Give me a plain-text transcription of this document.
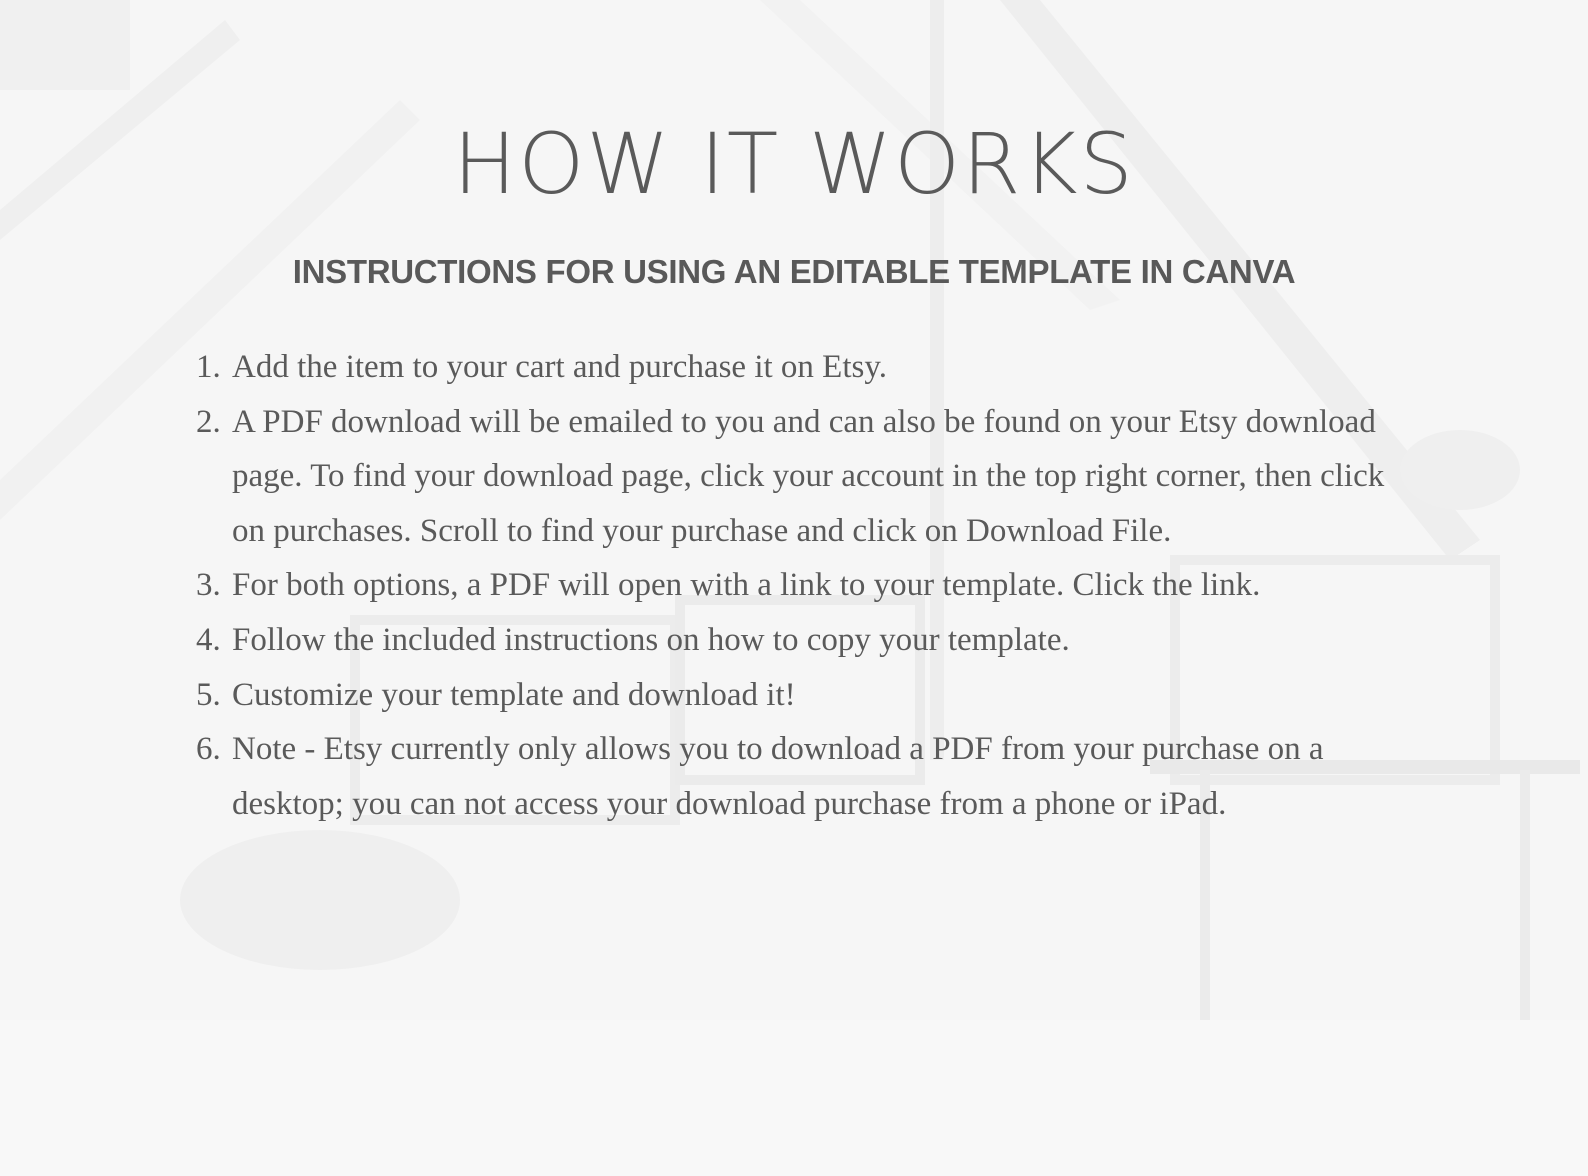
HOW IT WORKS
INSTRUCTIONS FOR USING AN EDITABLE TEMPLATE IN CANVA
1. Add the item to your cart and purchase it on Etsy.
2. A PDF download will be emailed to you and can also be found on your Etsy download page. To find your download page, click your account in the top right corner, then click on purchases. Scroll to find your purchase and click on Download File.
3. For both options, a PDF will open with a link to your template. Click the link.
4. Follow the included instructions on how to copy your template.
5. Customize your template and download it!
6. Note - Etsy currently only allows you to download a PDF from your purchase on a desktop; you can not access your download purchase from a phone or iPad.
